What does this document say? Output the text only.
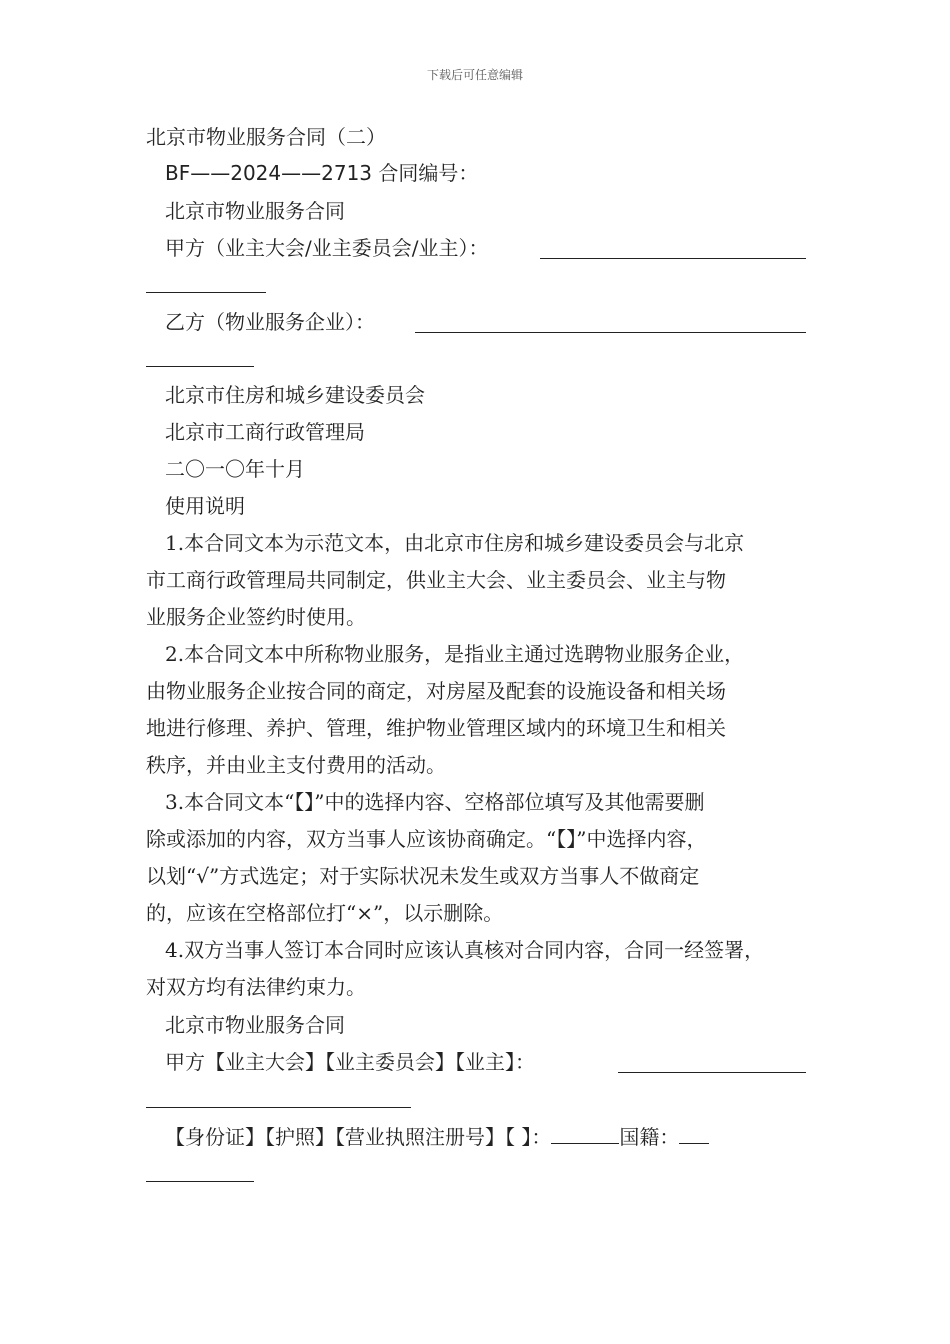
下载后可任意编辑
北京市物业服务合同（二）
BF——2024——2713 合同编号：
北京市物业服务合同
甲方（业主大会/业主委员会/业主）：
乙方（物业服务企业）：
北京市住房和城乡建设委员会
北京市工商行政管理局
二〇一〇年十月
使用说明
1.本合同文本为示范文本，由北京市住房和城乡建设委员会与北京
市工商行政管理局共同制定，供业主大会、业主委员会、业主与物
业服务企业签约时使用。
2.本合同文本中所称物业服务，是指业主通过选聘物业服务企业，
由物业服务企业按合同的商定，对房屋及配套的设施设备和相关场
地进行修理、养护、管理，维护物业管理区域内的环境卫生和相关
秩序，并由业主支付费用的活动。
3.本合同文本“【】”中的选择内容、空格部位填写及其他需要删
除或添加的内容，双方当事人应该协商确定。“【】”中选择内容，
以划“√”方式选定；对于实际状况未发生或双方当事人不做商定
的，应该在空格部位打“×”，以示删除。
4.双方当事人签订本合同时应该认真核对合同内容，合同一经签署，
对双方均有法律约束力。
北京市物业服务合同
甲方【业主大会】【业主委员会】【业主】：
【身份证】【护照】【营业执照注册号】【 】：	国籍：
